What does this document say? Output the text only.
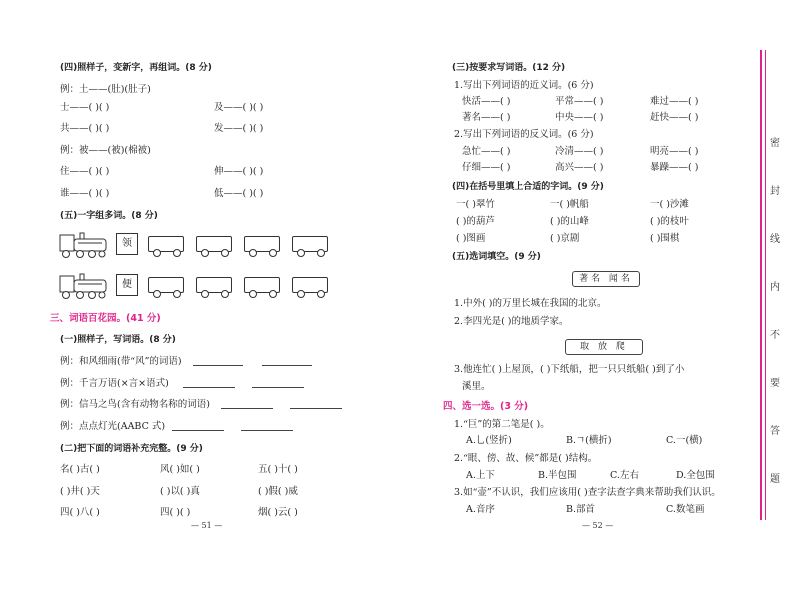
(四)照样子，变新字，再组词。(8 分)
例：土——(肚)(肚子)
士——( )( )	及——( )( )
共——( )( )	发——( )( )
例：被——(被)(棉被)
住——( )( )	伸——( )( )
谁——( )( )	低——( )( )
(五)一字组多词。(8 分)
领
便
三、词语百花园。(41 分)
(一)照样子，写词语。(8 分)
例：和风细雨(带“风”的词语)
例：千言万语(×言×语式)
例：信马之鸟(含有动物名称的词语)
例：点点灯光(AABC 式)
(二)把下面的词语补充完整。(9 分)
名( )古( )	风( )如( )	五( )十( )
( )井( )天	( )以( )真	( )假( )威
四( )八( )	四( )( )	烟( )云( )
— 51 —
(三)按要求写词语。(12 分)
1.写出下列词语的近义词。(6 分)
快活——( )	平常——( )	难过——( )
著名——( )	中央——( )	赶快——( )
2.写出下列词语的反义词。(6 分)
急忙——( )	冷清——( )	明亮——( )
仔细——( )	高兴——( )	暴躁——( )
(四)在括号里填上合适的字词。(9 分)
一( )翠竹	一( )帆船	一( )沙滩
( )的葫芦	( )的山峰	( )的枝叶
( )图画	( )京剧	( )围棋
(五)选词填空。(9 分)
著名 闻名
1.中外( )的万里长城在我国的北京。
2.李四光是( )的地质学家。
取 放 爬
3.他连忙( )上屋顶，( )下纸船，把一只只纸船( )到了小
溪里。
四、选一选。(3 分)
1.“巨”的第二笔是( )。
A.乚(竖折)	B.ㄱ(横折)	C.一(横)
2.“眼、傍、故、候”都是( )结构。
A.上下	B.半包围	C.左右	D.全包围
3.如“壶”不认识，我们应该用( )查字法查字典来帮助我们认识。
A.音序	B.部首	C.数笔画
— 52 —
密
封
线
内
不
要
答
题
